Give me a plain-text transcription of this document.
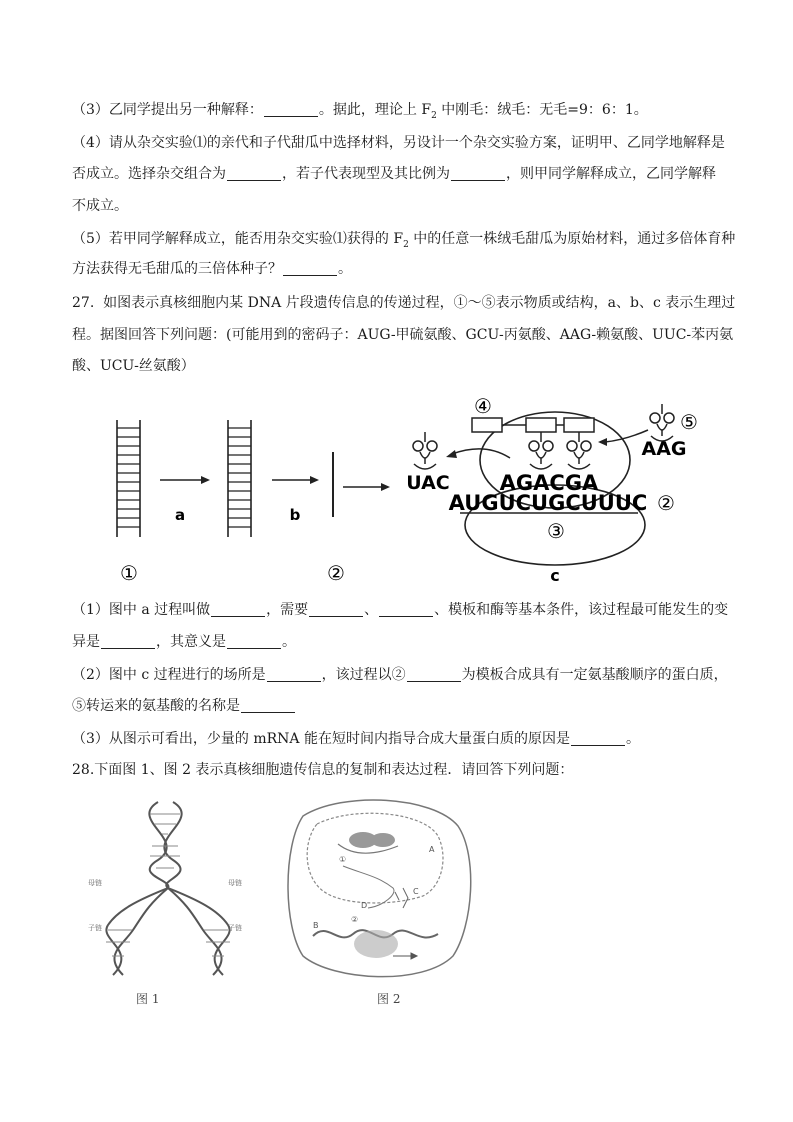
（3）乙同学提出另一种解释：	。据此，理论上 $F_2$ 中刚毛：绒毛：无毛=9：6：1。
（4）请从杂交实验⑴的亲代和子代甜瓜中选择材料，另设计一个杂交实验方案，证明甲、乙同学地解释是
否成立。选择杂交组合为	，若子代表现型及其比例为	，则甲同学解释成立，乙同学解释
不成立。
（5）若甲同学解释成立，能否用杂交实验⑴获得的 $F_2$ 中的任意一株绒毛甜瓜为原始材料，通过多倍体育种
方法获得无毛甜瓜的三倍体种子？	。
27.  如图表示真核细胞内某 DNA 片段遗传信息的传递过程，①～⑤表示物质或结构，a、b、c 表示生理过
程。据图回答下列问题：(可能用到的密码子：AUG-甲硫氨酸、GCU-丙氨酸、AAG-赖氨酸、UUC-苯丙氨
酸、UCU-丝氨酸）
a	b
①	②
④
AGACGA
AUGUCUGCUUUC ②
③
c
UAC
⑤
AAG
（1）图中 a 过程叫做	，需要	、	、模板和酶等基本条件，该过程最可能发生的变
异是	，其意义是	。
（2）图中 c 过程进行的场所是	，该过程以②	为模板合成具有一定氨基酸顺序的蛋白质，
⑤转运来的氨基酸的名称是
（3）从图示可看出，少量的 mRNA 能在短时间内指导合成大量蛋白质的原因是	。
28.下面图 1、图 2 表示真核细胞遗传信息的复制和表达过程．请回答下列问题：
母链
子链
母链
子链
图 1
①
A
B
C
D
②
图 2
